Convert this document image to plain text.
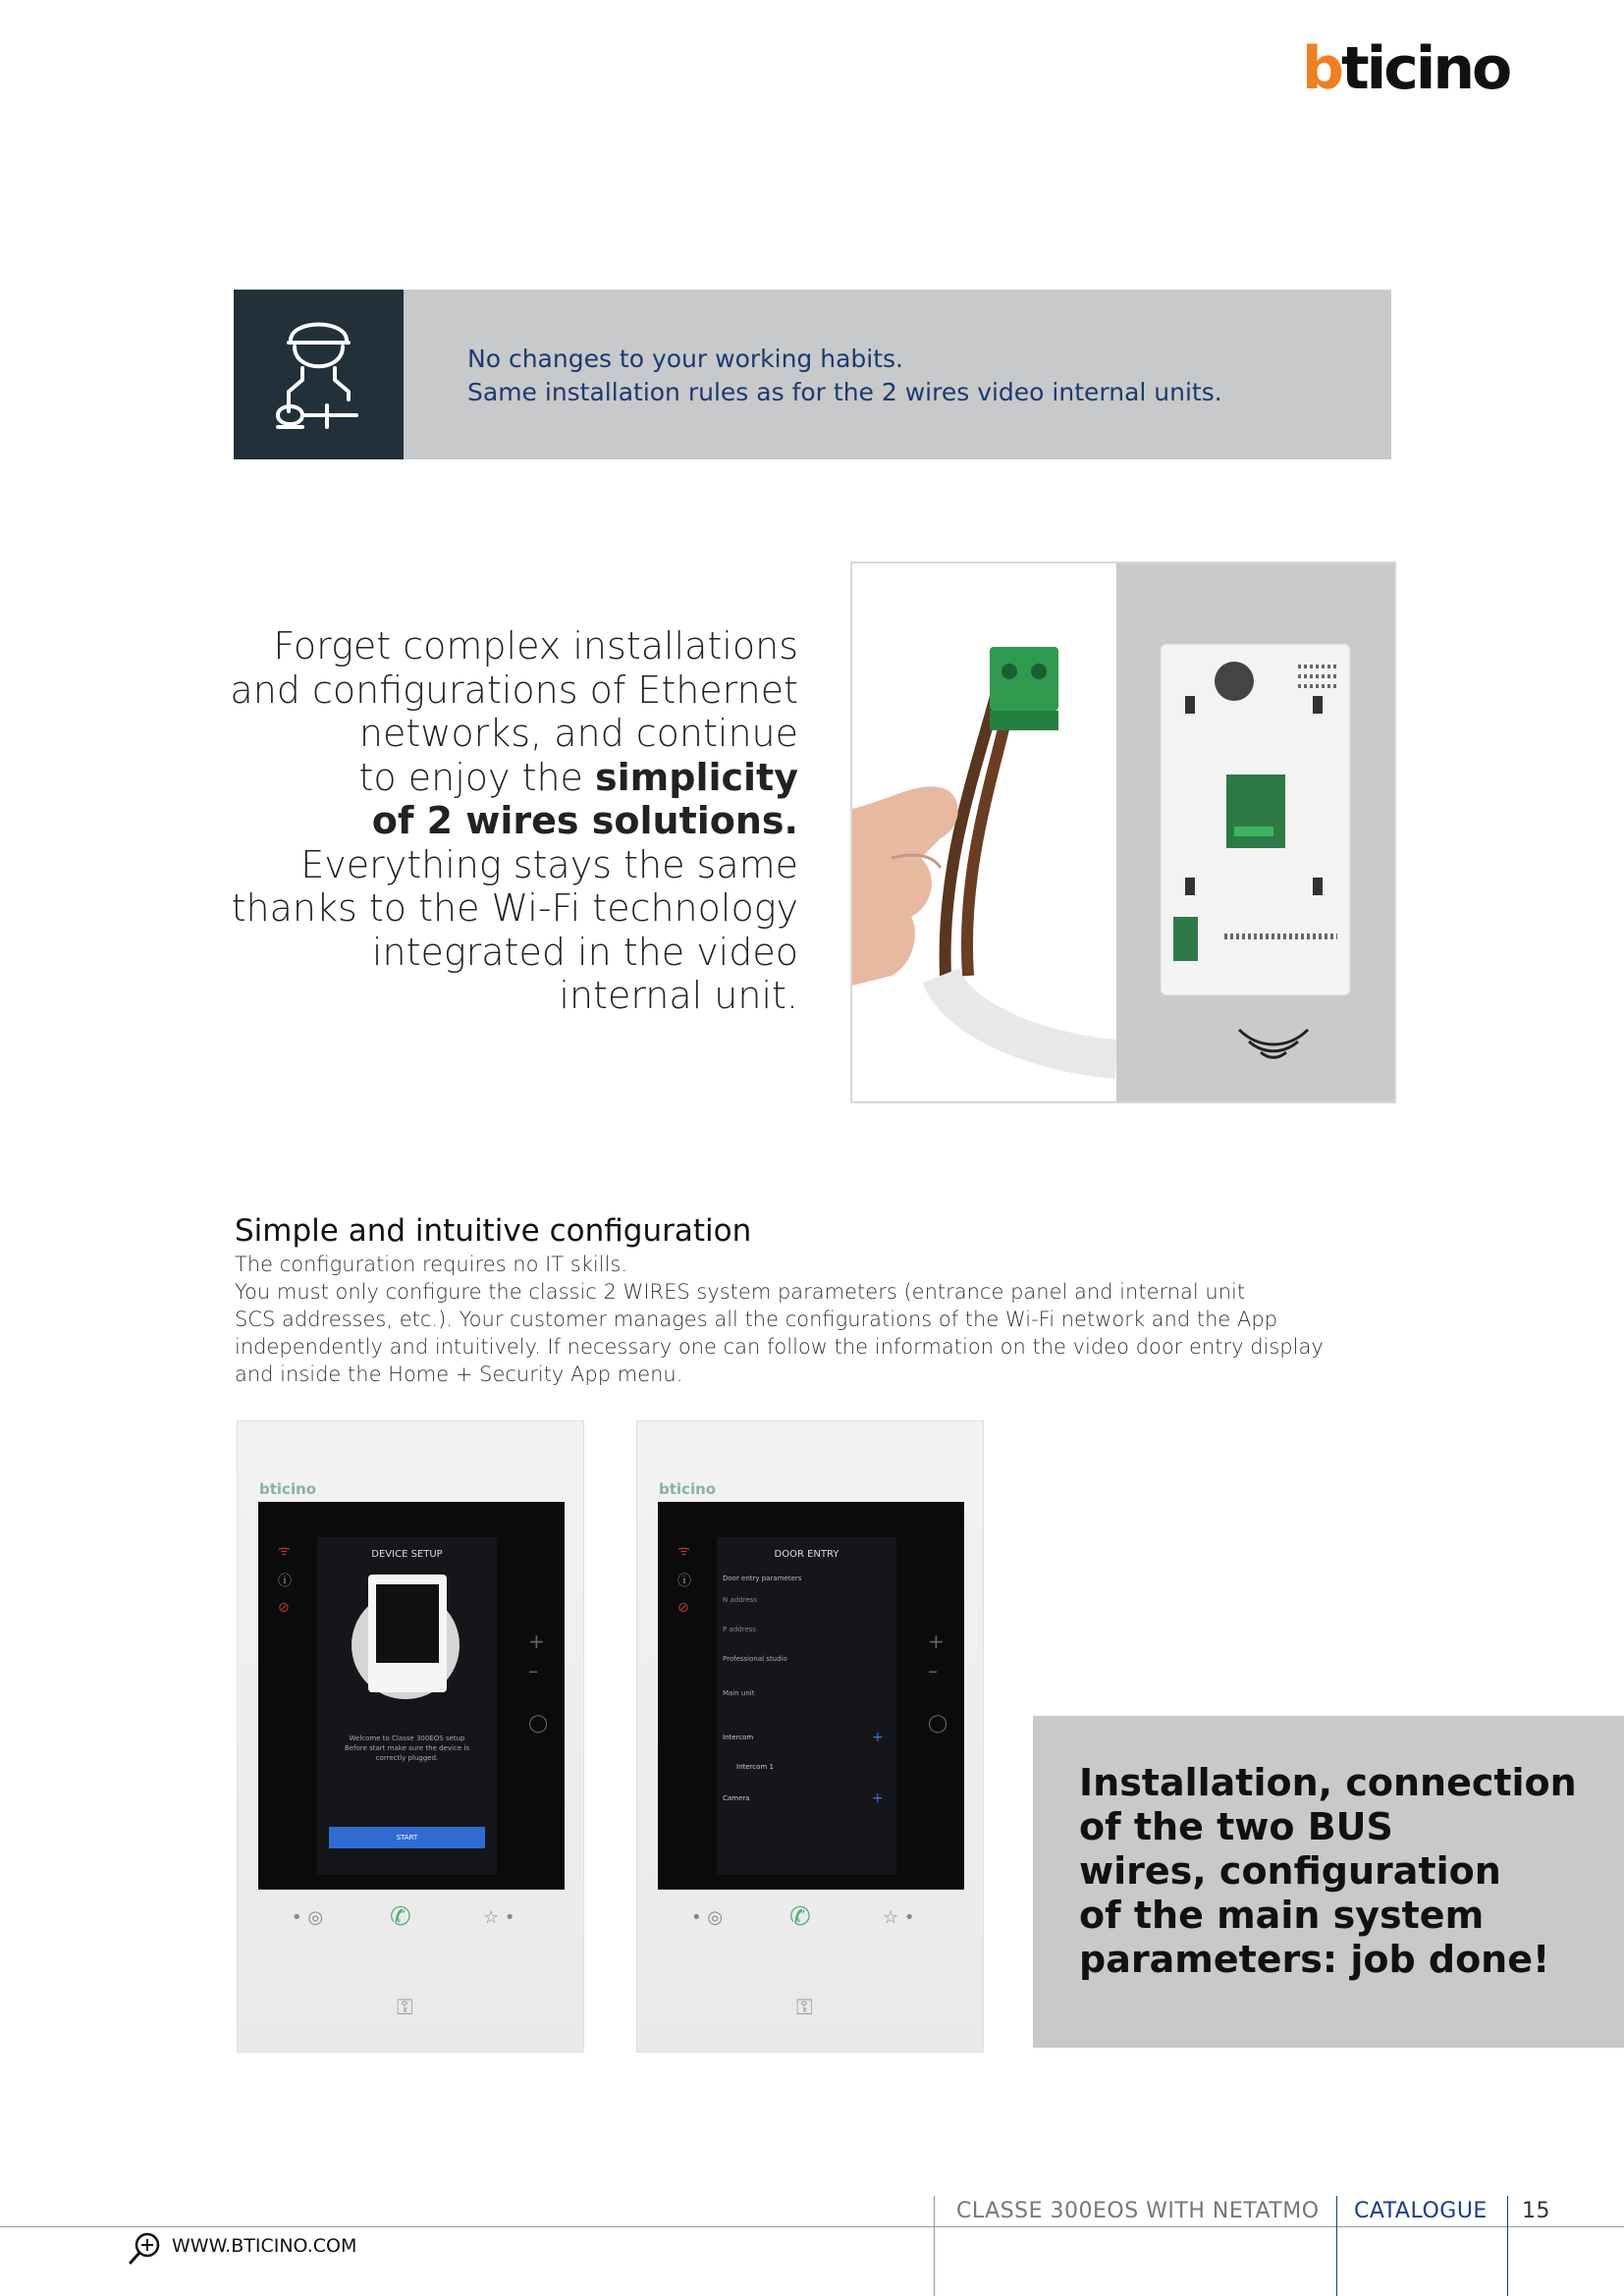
bticino
No changes to your working habits.
Same installation rules as for the 2 wires video internal units.
Forget complex installations
and configurations of Ethernet
networks, and continue
to enjoy the simplicity
of 2 wires solutions.
Everything stays the same
thanks to the Wi-Fi technology
integrated in the video
internal unit.
Simple and intuitive configuration

The configuration requires no IT skills.

You must only configure the classic 2 WIRES system parameters (entrance panel and internal unit

SCS addresses, etc.). Your customer manages all the configurations of the Wi-Fi network and the App

independently and intuitively. If necessary one can follow the information on the video door entry display

and inside the Home + Security App menu.

bticino
DEVICE SETUP
Welcome to Classe 300EOS setup
Before start make sure the device is
correctly plugged.
START
ᯤ
ⓘ
⊘
+
–
◯
• ◎	✆	☆ •
⚿
bticino
DOOR ENTRY
Door entry parameters
N address
P address
Professional studio
Main unit
Intercom
Intercom 1
Camera
+
+
ᯤ
ⓘ
⊘
+
–
◯
• ◎	✆	☆ •
⚿
Installation, connection
of the two BUS
wires, configuration
of the main system
parameters: job done!
WWW.BTICINO.COM
CLASSE 300EOS WITH NETATMO CATALOGUE 15
